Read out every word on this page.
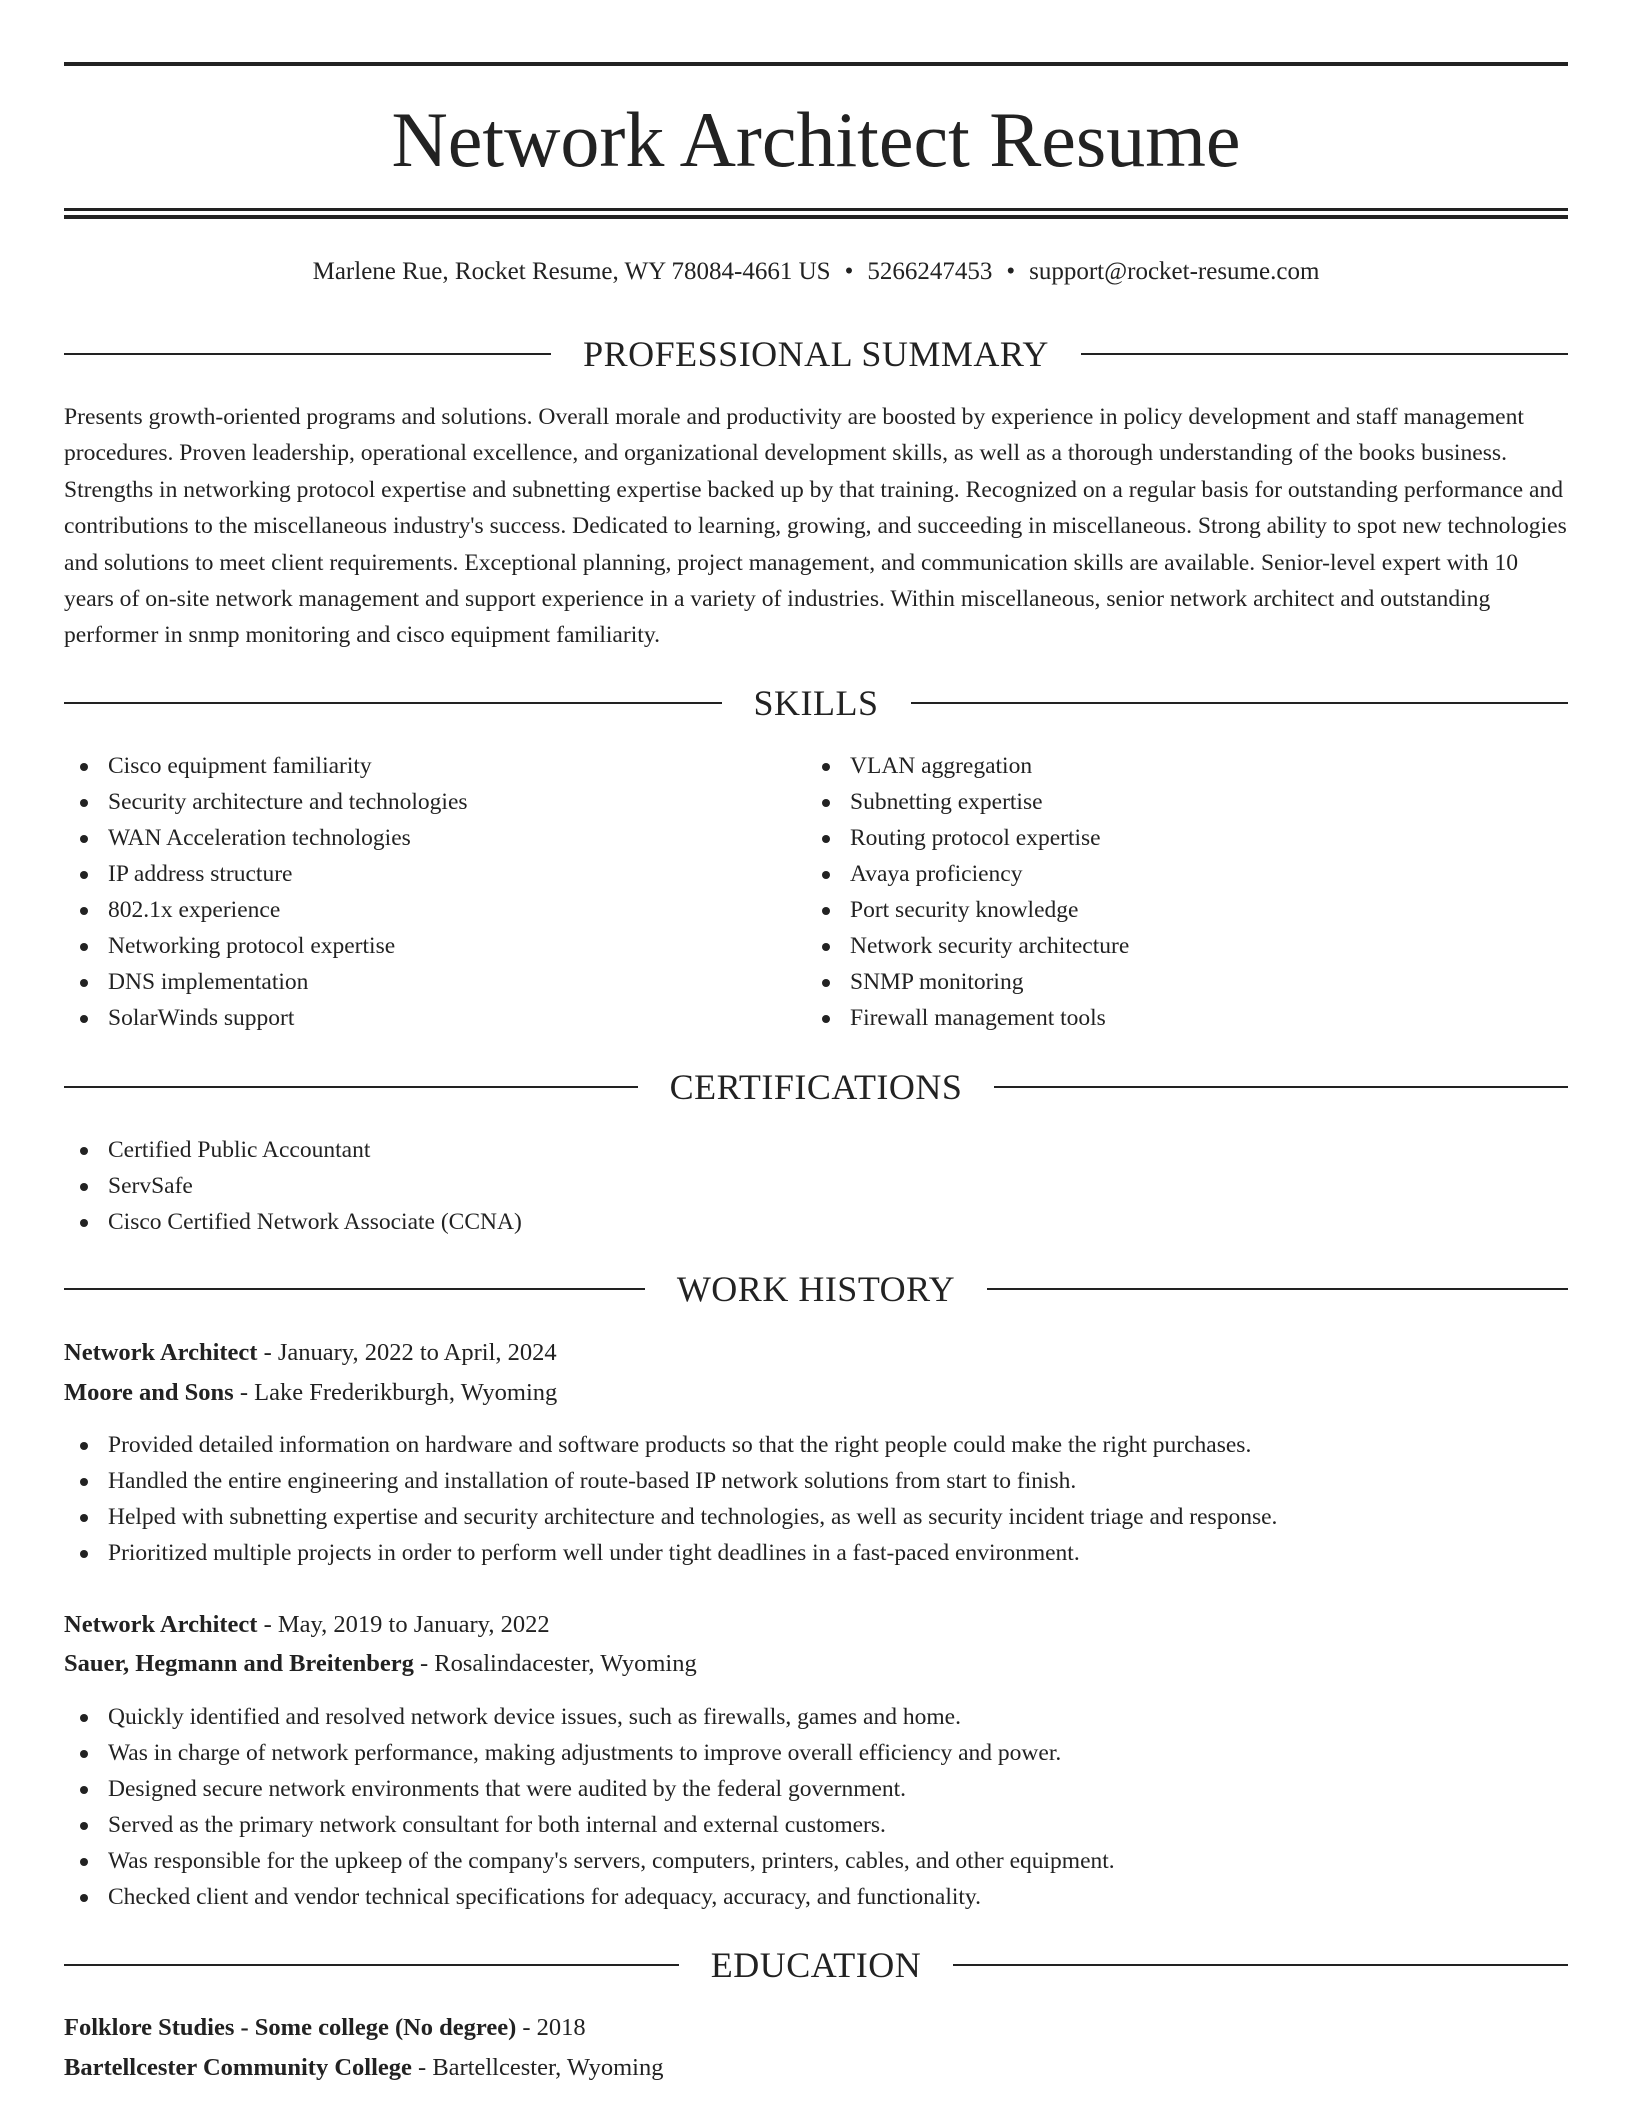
Network Architect Resume
Marlene Rue, Rocket Resume, WY 78084-4661 US • 5266247453 • support@rocket-resume.com
PROFESSIONAL SUMMARY

Presents growth-oriented programs and solutions. Overall morale and productivity are boosted by experience in policy development and staff management procedures. Proven leadership, operational excellence, and organizational development skills, as well as a thorough understanding of the books business. Strengths in networking protocol expertise and subnetting expertise backed up by that training. Recognized on a regular basis for outstanding performance and contributions to the miscellaneous industry's success. Dedicated to learning, growing, and succeeding in miscellaneous. Strong ability to spot new technologies and solutions to meet client requirements. Exceptional planning, project management, and communication skills are available. Senior-level expert with 10 years of on-site network management and support experience in a variety of industries. Within miscellaneous, senior network architect and outstanding performer in snmp monitoring and cisco equipment familiarity.

SKILLS
Cisco equipment familiarity
Security architecture and technologies
WAN Acceleration technologies
IP address structure
802.1x experience
Networking protocol expertise
DNS implementation
SolarWinds support
VLAN aggregation
Subnetting expertise
Routing protocol expertise
Avaya proficiency
Port security knowledge
Network security architecture
SNMP monitoring
Firewall management tools
CERTIFICATIONS
Certified Public Accountant
ServSafe
Cisco Certified Network Associate (CCNA)
WORK HISTORY
Network Architect - January, 2022 to April, 2024
Moore and Sons - Lake Frederikburgh, Wyoming
Provided detailed information on hardware and software products so that the right people could make the right purchases.
Handled the entire engineering and installation of route-based IP network solutions from start to finish.
Helped with subnetting expertise and security architecture and technologies, as well as security incident triage and response.
Prioritized multiple projects in order to perform well under tight deadlines in a fast-paced environment.
Network Architect - May, 2019 to January, 2022
Sauer, Hegmann and Breitenberg - Rosalindacester, Wyoming
Quickly identified and resolved network device issues, such as firewalls, games and home.
Was in charge of network performance, making adjustments to improve overall efficiency and power.
Designed secure network environments that were audited by the federal government.
Served as the primary network consultant for both internal and external customers.
Was responsible for the upkeep of the company's servers, computers, printers, cables, and other equipment.
Checked client and vendor technical specifications for adequacy, accuracy, and functionality.
EDUCATION
Folklore Studies - Some college (No degree) - 2018
Bartellcester Community College - Bartellcester, Wyoming
